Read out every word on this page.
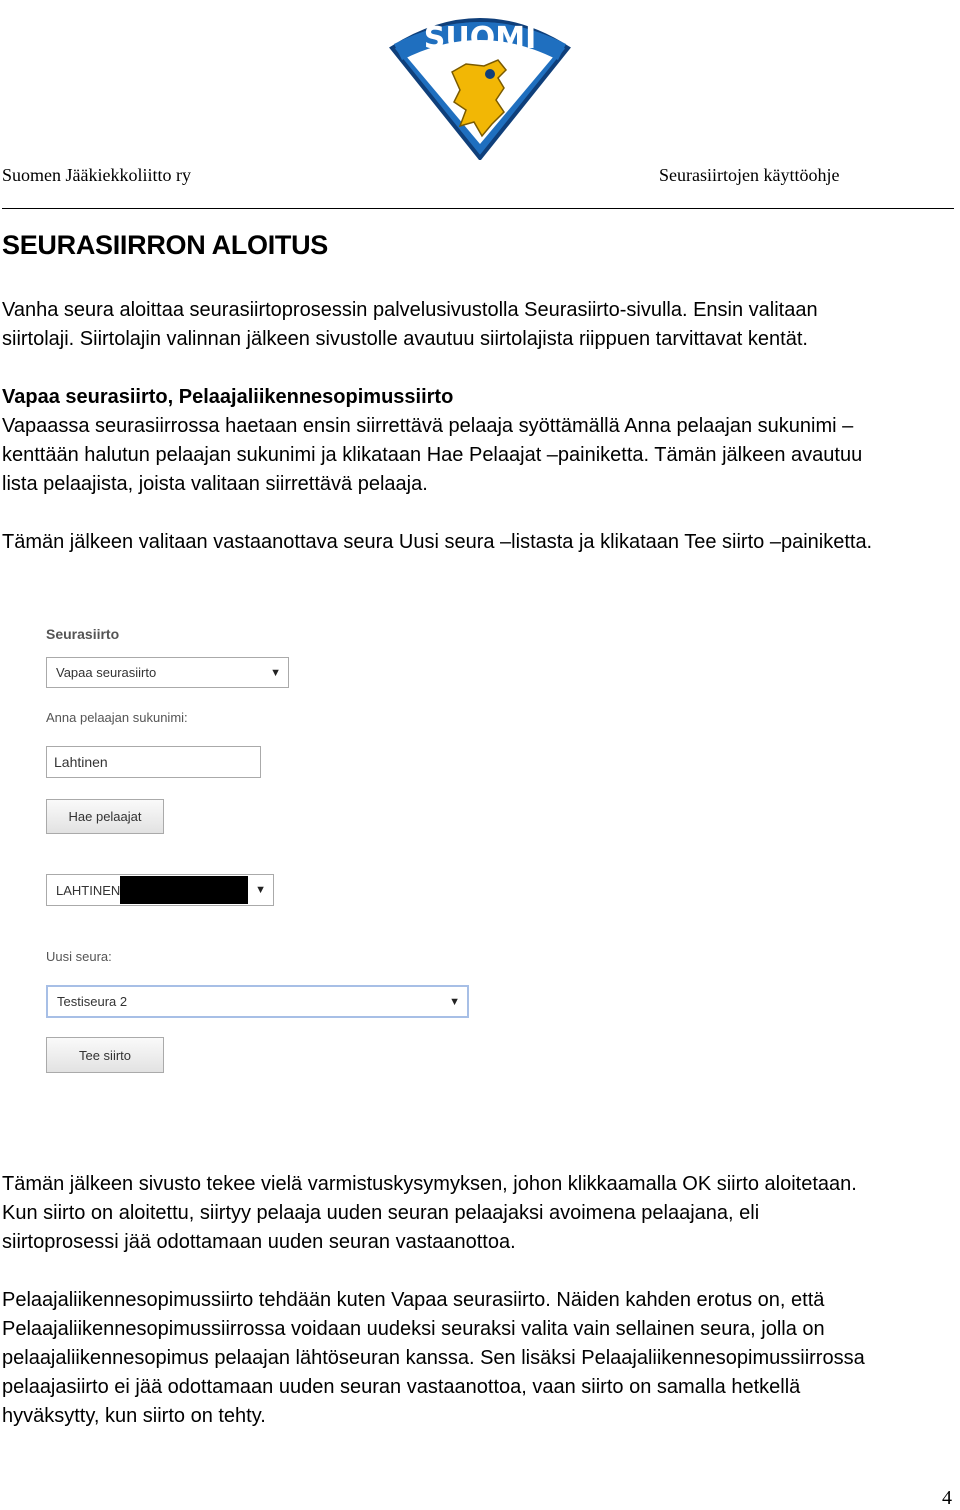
SUOMI
Suomen Jääkiekkoliitto ry	Seurasiirtojen käyttöohje
SEURASIIRRON ALOITUS
Vanha seura aloittaa seurasiirtoprosessin palvelusivustolla Seurasiirto-sivulla. Ensin valitaan
siirtolaji. Siirtolajin valinnan jälkeen sivustolle avautuu siirtolajista riippuen tarvittavat kentät.
Vapaa seurasiirto, Pelaajaliikennesopimussiirto
Vapaassa seurasiirrossa haetaan ensin siirrettävä pelaaja syöttämällä Anna pelaajan sukunimi –
kenttään halutun pelaajan sukunimi ja klikataan Hae Pelaajat –painiketta. Tämän jälkeen avautuu
lista pelaajista, joista valitaan siirrettävä pelaaja.
Tämän jälkeen valitaan vastaanottava seura Uusi seura –listasta ja klikataan Tee siirto –painiketta.
Seurasiirto
Vapaa seurasiirto	▼
Anna pelaajan sukunimi:
Lahtinen
Hae pelaajat
LAHTINEN	▼
Uusi seura:
Testiseura 2	▼
Tee siirto
Tämän jälkeen sivusto tekee vielä varmistuskysymyksen, johon klikkaamalla OK siirto aloitetaan.
Kun siirto on aloitettu, siirtyy pelaaja uuden seuran pelaajaksi avoimena pelaajana, eli
siirtoprosessi jää odottamaan uuden seuran vastaanottoa.
Pelaajaliikennesopimussiirto tehdään kuten Vapaa seurasiirto. Näiden kahden erotus on, että
Pelaajaliikennesopimussiirrossa voidaan uudeksi seuraksi valita vain sellainen seura, jolla on
pelaajaliikennesopimus pelaajan lähtöseuran kanssa. Sen lisäksi Pelaajaliikennesopimussiirrossa
pelaajasiirto ei jää odottamaan uuden seuran vastaanottoa, vaan siirto on samalla hetkellä
hyväksytty, kun siirto on tehty.
4
